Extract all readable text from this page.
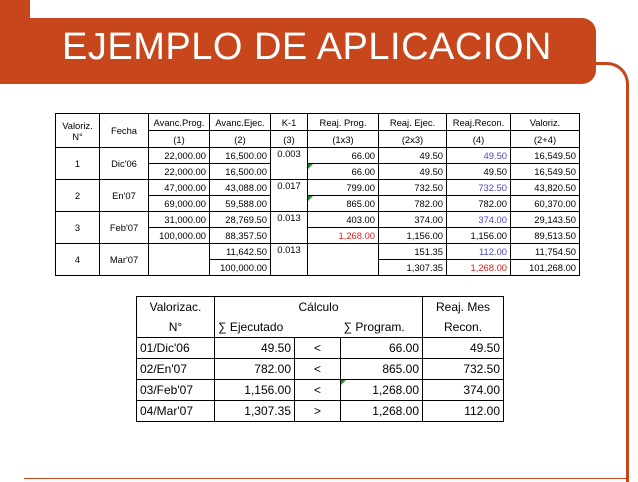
EJEMPLO DE APLICACION
Valoriz.
N°	Fecha	Avanc.Prog.	Avanc.Ejec.	K-1	Reaj. Prog.	Reaj. Ejec.	Reaj.Recon.	Valoriz.
		(1)	(2)	(3)	(1x3)	(2x3)	(4)	(2+4)
1	Dic'06	22,000.00	16,500.00	0.003	66.00	49.50	49.50	16,549.50
		22,000.00	16,500.00		66.00	49.50	49.50	16,549.50
2	En'07	47,000.00	43,088.00	0.017	799.00	732.50	732.50	43,820.50
		69,000.00	59,588.00		865.00	782.00	782.00	60,370.00
3	Feb'07	31,000.00	28,769.50	0.013	403.00	374.00	374.00	29,143.50
		100,000.00	88,357.50		1,268.00	1,156.00	1,156.00	89,513.50
4	Mar'07		11,642.50	0.013		151.35	112.00	11,754.50
			100,000.00			1,307.35	1,268.00	101,268.00
Valorizac.	Cálculo			Reaj. Mes
N°	∑ Ejecutado		∑ Program.	Recon.
01/Dic'06	49.50	<	66.00	49.50
02/En'07	782.00	<	865.00	732.50
03/Feb'07	1,156.00	<	1,268.00	374.00
04/Mar'07	1,307.35	>	1,268.00	112.00
